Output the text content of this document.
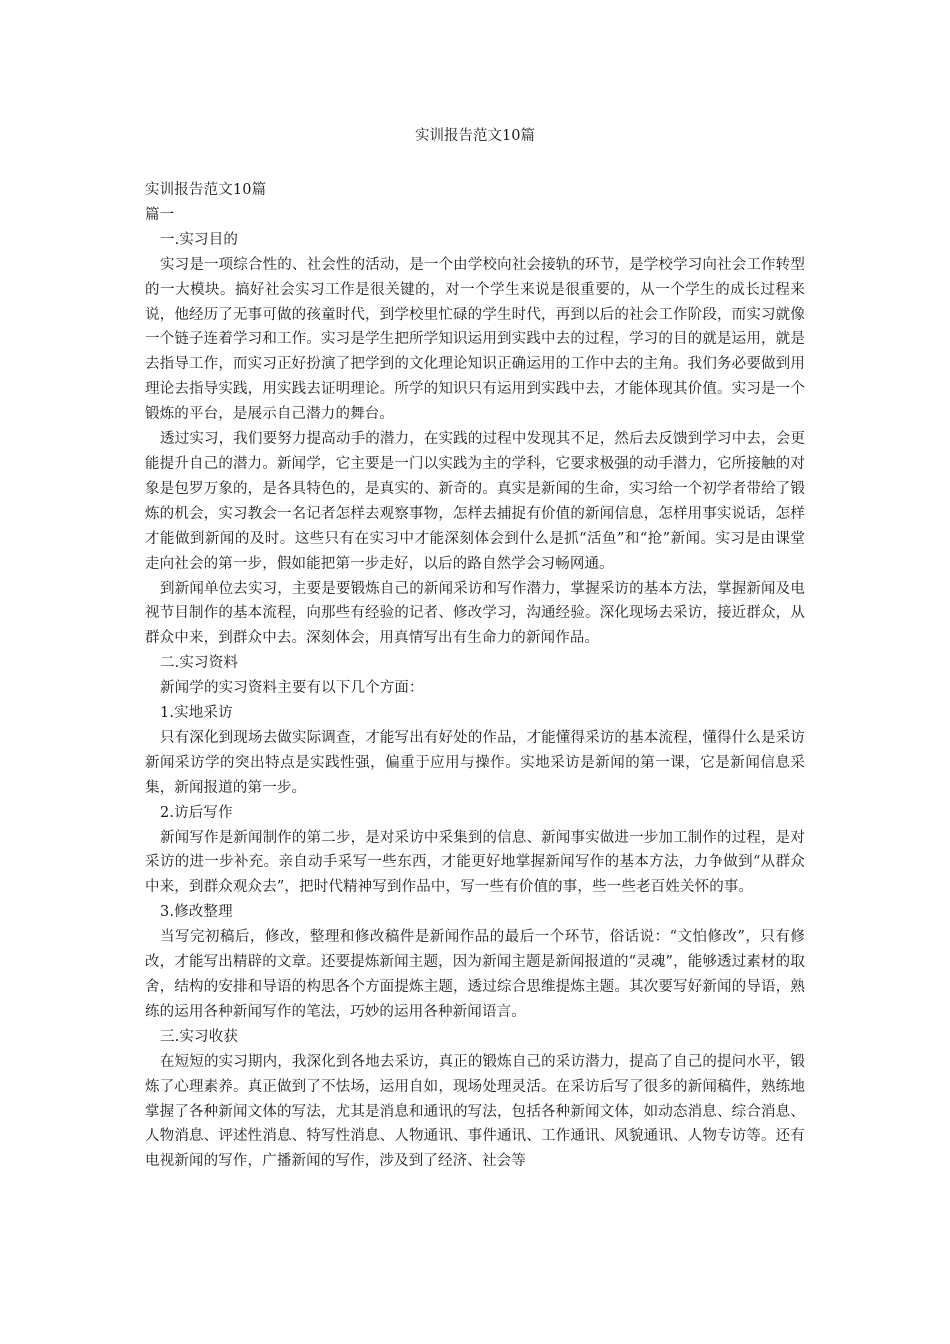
实训报告范文10篇

实训报告范文10篇

篇一

一.实习目的

实习是一项综合性的、社会性的活动，是一个由学校向社会接轨的环节，是学校学习向社会工作转型的一大模块。搞好社会实习工作是很关键的，对一个学生来说是很重要的，从一个学生的成长过程来说，他经历了无事可做的孩童时代，到学校里忙碌的学生时代，再到以后的社会工作阶段，而实习就像一个链子连着学习和工作。实习是学生把所学知识运用到实践中去的过程，学习的目的就是运用，就是去指导工作，而实习正好扮演了把学到的文化理论知识正确运用的工作中去的主角。我们务必要做到用理论去指导实践，用实践去证明理论。所学的知识只有运用到实践中去，才能体现其价值。实习是一个锻炼的平台，是展示自己潜力的舞台。

透过实习，我们要努力提高动手的潜力，在实践的过程中发现其不足，然后去反馈到学习中去，会更能提升自己的潜力。新闻学，它主要是一门以实践为主的学科，它要求极强的动手潜力，它所接触的对象是包罗万象的，是各具特色的，是真实的、新奇的。真实是新闻的生命，实习给一个初学者带给了锻炼的机会，实习教会一名记者怎样去观察事物，怎样去捕捉有价值的新闻信息，怎样用事实说话，怎样才能做到新闻的及时。这些只有在实习中才能深刻体会到什么是抓“活鱼”和“抢”新闻。实习是由课堂走向社会的第一步，假如能把第一步走好，以后的路自然学会习畅网通。

到新闻单位去实习，主要是要锻炼自己的新闻采访和写作潜力，掌握采访的基本方法，掌握新闻及电视节目制作的基本流程，向那些有经验的记者、修改学习，沟通经验。深化现场去采访，接近群众，从群众中来，到群众中去。深刻体会，用真情写出有生命力的新闻作品。

二.实习资料

新闻学的实习资料主要有以下几个方面：

1.实地采访

只有深化到现场去做实际调查，才能写出有好处的作品，才能懂得采访的基本流程，懂得什么是采访新闻采访学的突出特点是实践性强，偏重于应用与操作。实地采访是新闻的第一课，它是新闻信息采集，新闻报道的第一步。

2.访后写作

新闻写作是新闻制作的第二步，是对采访中采集到的信息、新闻事实做进一步加工制作的过程，是对采访的进一步补充。亲自动手采写一些东西，才能更好地掌握新闻写作的基本方法，力争做到“从群众中来，到群众观众去”，把时代精神写到作品中，写一些有价值的事，些一些老百姓关怀的事。

3.修改整理

当写完初稿后，修改，整理和修改稿件是新闻作品的最后一个环节，俗话说：“文怕修改”，只有修改，才能写出精辟的文章。还要提炼新闻主题，因为新闻主题是新闻报道的“灵魂”，能够透过素材的取舍，结构的安排和导语的构思各个方面提炼主题，透过综合思维提炼主题。其次要写好新闻的导语，熟练的运用各种新闻写作的笔法，巧妙的运用各种新闻语言。

三.实习收获

在短短的实习期内，我深化到各地去采访，真正的锻炼自己的采访潜力，提高了自己的提问水平，锻炼了心理素养。真正做到了不怯场，运用自如，现场处理灵活。在采访后写了很多的新闻稿件，熟练地掌握了各种新闻文体的写法，尤其是消息和通讯的写法，包括各种新闻文体，如动态消息、综合消息、人物消息、评述性消息、特写性消息、人物通讯、事件通讯、工作通讯、风貌通讯、人物专访等。还有电视新闻的写作，广播新闻的写作，涉及到了经济、社会等
